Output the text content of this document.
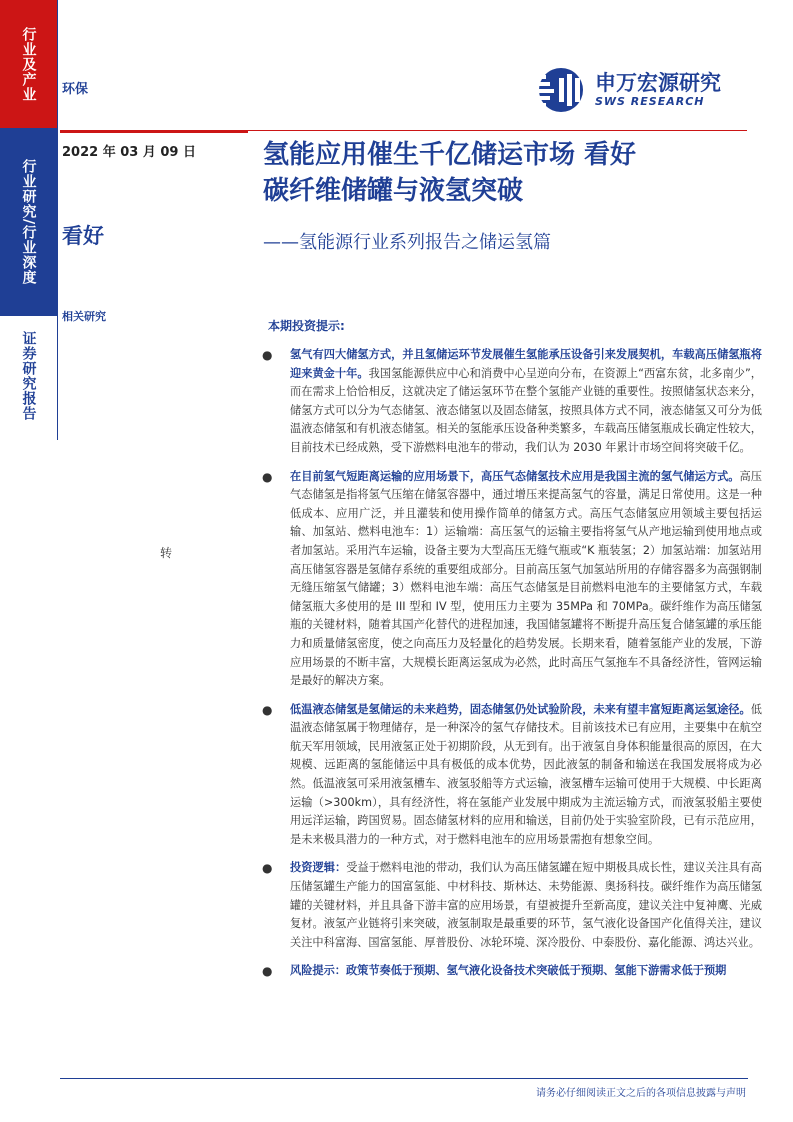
行业及产业
行业研究/行业深度
证券研究报告
环保
2022 年 03 月 09 日
看好
相关研究
转
申万宏源研究
SWS RESEARCH
氢能应用催生千亿储运市场 看好
碳纤维储罐与液氢突破
——氢能源行业系列报告之储运氢篇
本期投资提示:
● 氢气有四大储氢方式，并且氢储运环节发展催生氢能承压设备引来发展契机，车载高压储氢瓶将迎来黄金十年。我国氢能源供应中心和消费中心呈逆向分布，在资源上“西富东贫，北多南少”，而在需求上恰恰相反，这就决定了储运氢环节在整个氢能产业链的重要性。按照储氢状态来分，储氢方式可以分为气态储氢、液态储氢以及固态储氢，按照具体方式不同，液态储氢又可分为低温液态储氢和有机液态储氢。相关的氢能承压设备种类繁多，车载高压储氢瓶成长确定性较大，目前技术已经成熟，受下游燃料电池车的带动，我们认为 2030 年累计市场空间将突破千亿。
● 在目前氢气短距离运输的应用场景下，高压气态储氢技术应用是我国主流的氢气储运方式。高压气态储氢是指将氢气压缩在储氢容器中，通过增压来提高氢气的容量，满足日常使用。这是一种低成本、应用广泛，并且灌装和使用操作简单的储氢方式。高压气态储氢应用领域主要包括运输、加氢站、燃料电池车：1）运输端：高压氢气的运输主要指将氢气从产地运输到使用地点或者加氢站。采用汽车运输，设备主要为大型高压无缝气瓶或“K 瓶装氢；2）加氢站端：加氢站用高压储氢容器是氢储存系统的重要组成部分。目前高压氢气加氢站所用的存储容器多为高强钢制无缝压缩氢气储罐；3）燃料电池车端：高压气态储氢是目前燃料电池车的主要储氢方式，车载储氢瓶大多使用的是 III 型和 IV 型，使用压力主要为 35MPa 和 70MPa。碳纤维作为高压储氢瓶的关键材料，随着其国产化替代的进程加速，我国储氢罐将不断提升高压复合储氢罐的承压能力和质量储氢密度，使之向高压力及轻量化的趋势发展。长期来看，随着氢能产业的发展，下游应用场景的不断丰富，大规模长距离运氢成为必然，此时高压气氢拖车不具备经济性，管网运输是最好的解决方案。
● 低温液态储氢是氢储运的未来趋势，固态储氢仍处试验阶段，未来有望丰富短距离运氢途径。低温液态储氢属于物理储存，是一种深冷的氢气存储技术。目前该技术已有应用，主要集中在航空航天军用领域，民用液氢正处于初期阶段，从无到有。出于液氢自身体积能量很高的原因，在大规模、远距离的氢能储运中具有极低的成本优势，因此液氢的制备和输送在我国发展将成为必然。低温液氢可采用液氢槽车、液氢驳船等方式运输，液氢槽车运输可使用于大规模、中长距离运输（>300km），具有经济性，将在氢能产业发展中期成为主流运输方式，而液氢驳船主要使用远洋运输，跨国贸易。固态储氢材料的应用和输送，目前仍处于实验室阶段，已有示范应用，是未来极具潜力的一种方式，对于燃料电池车的应用场景需抱有想象空间。
● 投资逻辑：受益于燃料电池的带动，我们认为高压储氢罐在短中期极具成长性，建议关注具有高压储氢罐生产能力的国富氢能、中材科技、斯林达、未势能源、奥扬科技。碳纤维作为高压储氢罐的关键材料，并且具备下游丰富的应用场景，有望被提升至新高度，建议关注中复神鹰、光威复材。液氢产业链将引来突破，液氢制取是最重要的环节，氢气液化设备国产化值得关注，建议关注中科富海、国富氢能、厚普股份、冰轮环境、深冷股份、中泰股份、嘉化能源、鸿达兴业。
● 风险提示：政策节奏低于预期、氢气液化设备技术突破低于预期、氢能下游需求低于预期
请务必仔细阅读正文之后的各项信息披露与声明
